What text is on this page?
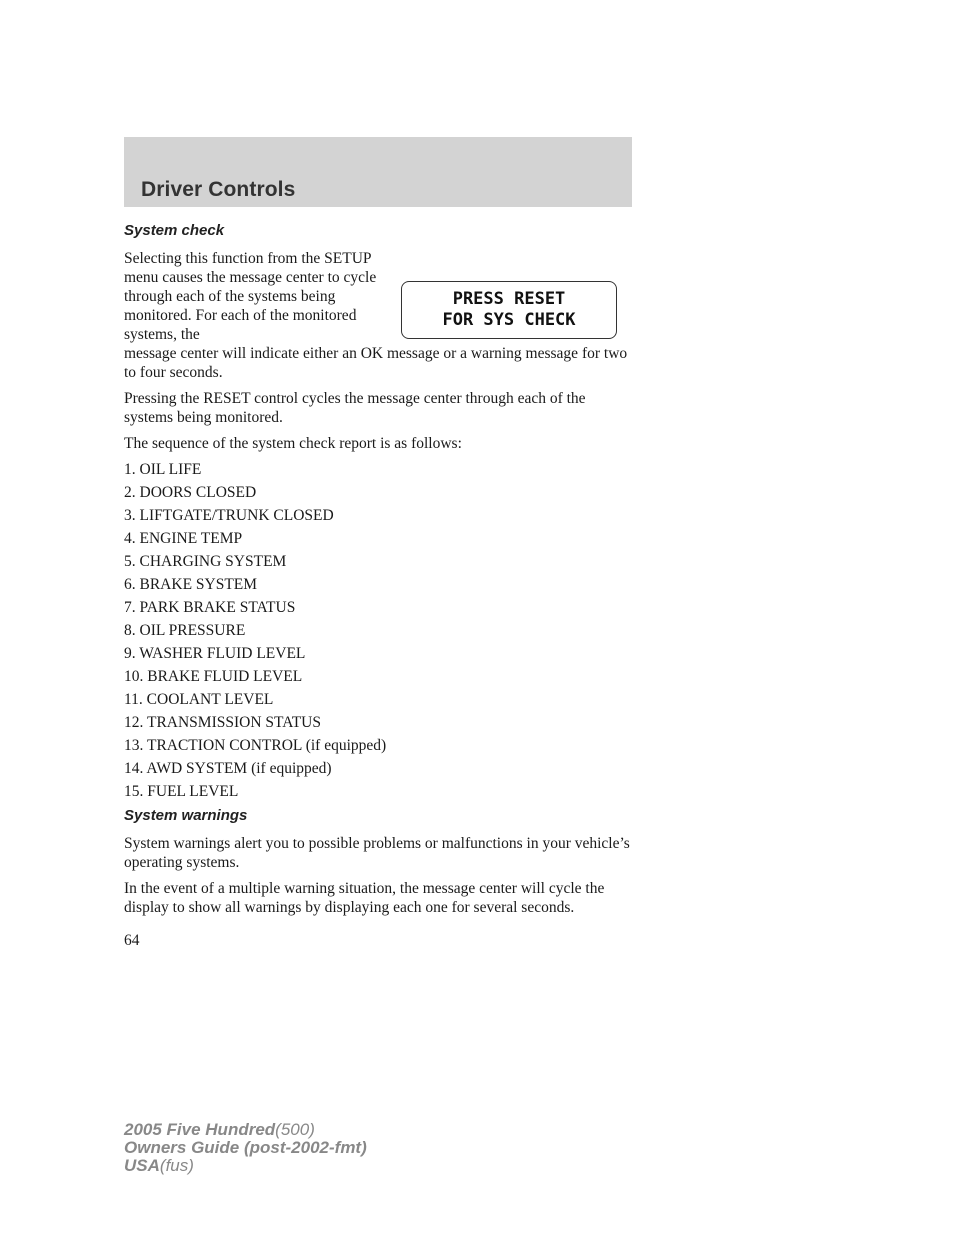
Driver Controls
System check

Selecting this function from the SETUP menu causes the message center to cycle through each of the systems being monitored. For each of the monitored systems, the

PRESS RESET
FOR SYS CHECK

message center will indicate either an OK message or a warning message for two to four seconds.

Pressing the RESET control cycles the message center through each of the systems being monitored.

The sequence of the system check report is as follows:

1. OIL LIFE
2. DOORS CLOSED
3. LIFTGATE/TRUNK CLOSED
4. ENGINE TEMP
5. CHARGING SYSTEM
6. BRAKE SYSTEM
7. PARK BRAKE STATUS
8. OIL PRESSURE
9. WASHER FLUID LEVEL
10. BRAKE FLUID LEVEL
11. COOLANT LEVEL
12. TRANSMISSION STATUS
13. TRACTION CONTROL (if equipped)
14. AWD SYSTEM (if equipped)
15. FUEL LEVEL
System warnings

System warnings alert you to possible problems or malfunctions in your vehicle’s operating systems.

In the event of a multiple warning situation, the message center will cycle the display to show all warnings by displaying each one for several seconds.

64
2005 Five Hundred(500)
Owners Guide (post-2002-fmt)
USA(fus)
